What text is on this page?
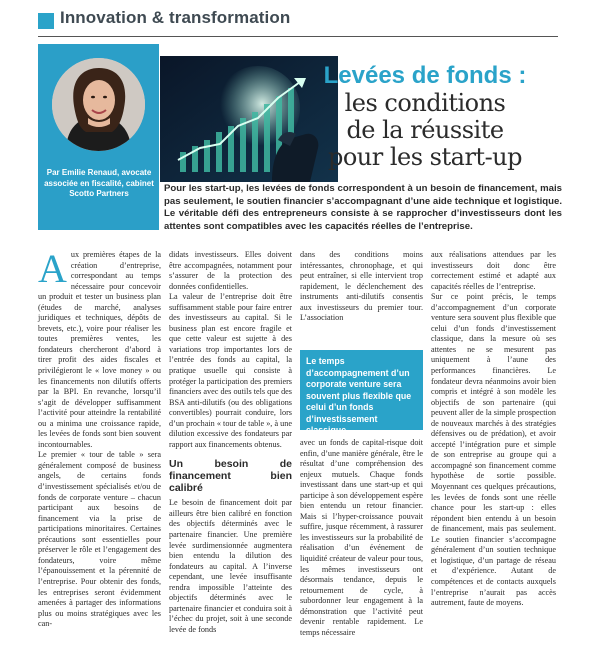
Innovation & transformation
Par Emilie Renaud, avocate associée en fiscalité, cabinet Scotto Partners
Levées de fonds :
les conditions
de la réussite
pour les start-up
Pour les start-up, les levées de fonds correspondent à un besoin de financement, mais pas seulement, le soutien financier s’accompagnant d’une aide technique et logistique. Le véritable défi des entrepreneurs consiste à se rapprocher d’investisseurs dont les attentes sont compatibles avec les capacités réelles de l’entreprise.

Aux premières étapes de la création d’entreprise, correspondant au temps nécessaire pour concevoir un produit et tester un business plan (études de marché, analyses juridiques et techniques, dépôts de brevets, etc.), voire pour réaliser les toutes premières ventes, les fondateurs chercheront d’abord à tirer profit des aides fiscales et privilégieront le « love money » ou les financements non dilutifs offerts par la BPI. En revanche, lorsqu’il s’agit de développer suffisamment l’activité pour atteindre la rentabilité ou a minima une croissance rapide, les levées de fonds sont bien souvent incontournables.

Le premier « tour de table » sera généralement composé de business angels, de certains fonds d’investissement spécialisés et/ou de fonds de corporate venture – chacun participant aux besoins de financement via la prise de participations minoritaires. Certaines précautions sont essentielles pour préserver le rôle et l’engagement des fondateurs, voire même l’épanouissement et la pérennité de l’entreprise. Pour obtenir des fonds, les entreprises seront évidemment amenées à partager des informations plus ou moins stratégiques avec les can-

didats investisseurs. Elles doivent être accompagnées, notamment pour s’assurer de la protection des données confidentielles.

La valeur de l’entreprise doit être suffisamment stable pour faire entrer des investisseurs au capital. Si le business plan est encore fragile et que cette valeur est sujette à des variations trop importantes lors de l’entrée des fonds au capital, la pratique usuelle qui consiste à protéger la participation des premiers financiers avec des outils tels que des BSA anti-dilutifs (ou des obligations convertibles) pourrait conduire, lors d’un prochain « tour de table », à une dilution excessive des fondateurs par rapport aux financements obtenus.

Un besoin de financement bien calibré

Le besoin de financement doit par ailleurs être bien calibré en fonction des objectifs déterminés avec le partenaire financier. Une première levée surdimensionnée augmentera bien entendu la dilution des fondateurs au capital. A l’inverse cependant, une levée insuffisante rendra impossible l’atteinte des objectifs déterminés avec le partenaire financier et conduira soit à l’échec du projet, soit à une seconde levée de fonds

dans des conditions moins intéressantes, chronophage, et qui peut entraîner, si elle intervient trop rapidement, le déclenchement des instruments anti-dilutifs consentis aux investisseurs du premier tour. L’association

Le temps d’accompagnement d’un corporate venture sera souvent plus flexible que celui d’un fonds d’investissement classique.

avec un fonds de capital-risque doit enfin, d’une manière générale, être le résultat d’une compréhension des enjeux mutuels. Chaque fonds investissant dans une start-up et qui participe à son développement espère bien entendu un retour financier. Mais si l’hyper-croissance pouvait suffire, jusque récemment, à rassurer les investisseurs sur la probabilité de réalisation d’un événement de liquidité créateur de valeur pour tous, les mêmes investisseurs ont désormais tendance, depuis le retournement de cycle, à subordonner leur engagement à la démonstration que l’activité peut devenir rentable rapidement. Le temps nécessaire

aux réalisations attendues par les investisseurs doit donc être correctement estimé et adapté aux capacités réelles de l’entreprise.

Sur ce point précis, le temps d’accompagnement d’un corporate venture sera souvent plus flexible que celui d’un fonds d’investissement classique, dans la mesure où ses attentes ne se mesurent pas uniquement à l’aune des performances financières. Le fondateur devra néanmoins avoir bien compris et intégré à son modèle les objectifs de son partenaire (qui peuvent aller de la simple prospection de nouveaux marchés à des stratégies défensives ou de prédation), et avoir accepté l’intégration pure et simple de son entreprise au groupe qui a accompagné son financement comme hypothèse de sortie possible. Moyennant ces quelques précautions, les levées de fonds sont une réelle chance pour les start-up : elles répondent bien entendu à un besoin de financement, mais pas seulement. Le soutien financier s’accompagne généralement d’un soutien technique et logistique, d’un partage de réseau et d’expérience. Autant de compétences et de contacts auxquels l’entreprise n’aurait pas accès autrement, faute de moyens.
